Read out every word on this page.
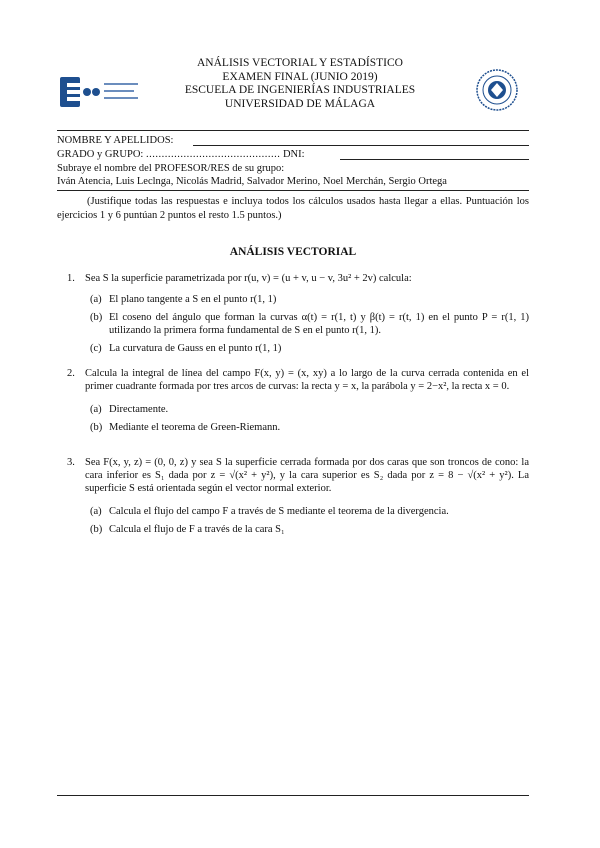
ANÁLISIS VECTORIAL Y ESTADÍSTICO
EXAMEN FINAL (JUNIO 2019)
ESCUELA DE INGENIERÍAS INDUSTRIALES
UNIVERSIDAD DE MÁLAGA
NOMBRE Y APELLIDOS:
GRADO y GRUPO: ........................................... DNI:
Subraye el nombre del PROFESOR/RES de su grupo:
Iván Atencia, Luis Leclnga, Nicolás Madrid, Salvador Merino, Noel Merchán, Sergio Ortega
(Justifique todas las respuestas e incluya todos los cálculos usados hasta llegar a ellas. Puntuación los ejercicios 1 y 6 puntúan 2 puntos el resto 1.5 puntos.)
ANÁLISIS VECTORIAL
1. Sea S la superficie parametrizada por r(u, v) = (u + v, u − v, 3u² + 2v) calcula:
(a) El plano tangente a S en el punto r(1, 1)
(b) El coseno del ángulo que forman la curvas α(t) = r(1, t) y β(t) = r(t, 1) en el punto P = r(1, 1) utilizando la primera forma fundamental de S en el punto r(1, 1).
(c) La curvatura de Gauss en el punto r(1, 1)
2. Calcula la integral de línea del campo F(x, y) = (x, xy) a lo largo de la curva cerrada contenida en el primer cuadrante formada por tres arcos de curvas: la recta y = x, la parábola y = 2−x², la recta x = 0.
(a) Directamente.
(b) Mediante el teorema de Green-Riemann.
3. Sea F(x, y, z) = (0, 0, z) y sea S la superficie cerrada formada por dos caras que son troncos de cono: la cara inferior es S₁ dada por z = √(x² + y²), y la cara superior es S₂ dada por z = 8 − √(x² + y²). La superficie S está orientada según el vector normal exterior.
(a) Calcula el flujo del campo F a través de S mediante el teorema de la divergencia.
(b) Calcula el flujo de F a través de la cara S₁
